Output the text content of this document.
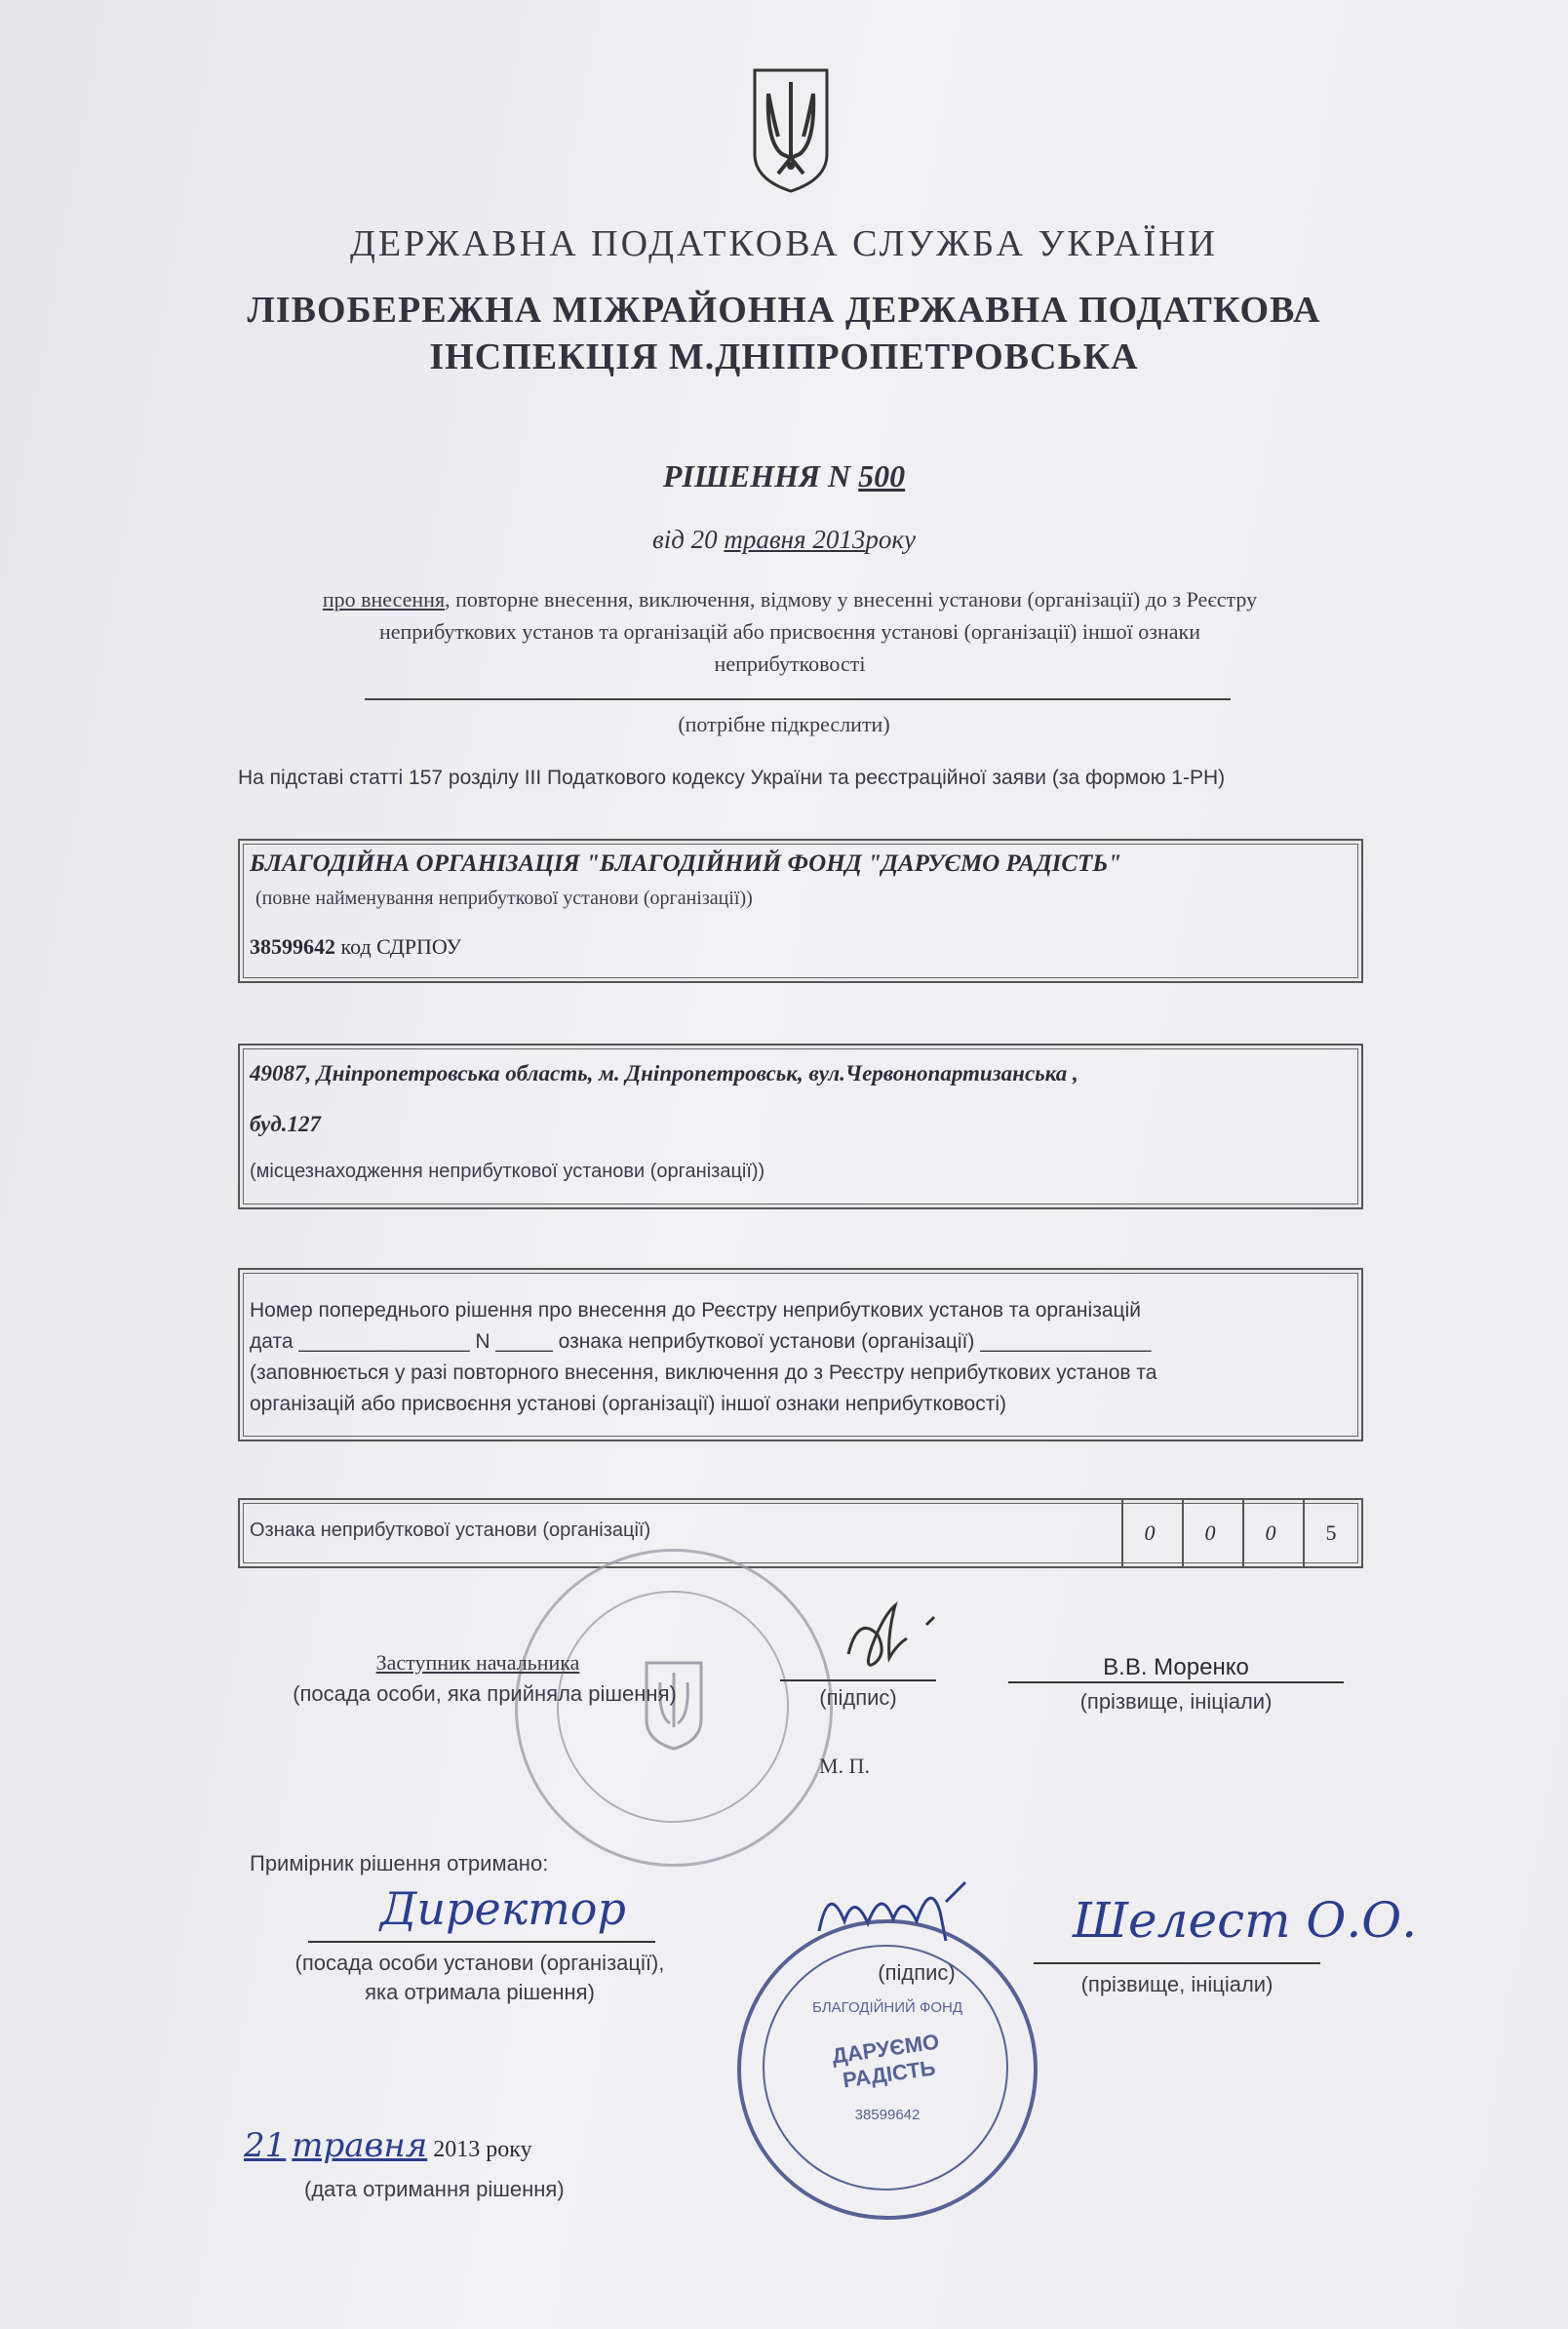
ДЕРЖАВНА ПОДАТКОВА СЛУЖБА УКРАЇНИ
ЛІВОБЕРЕЖНА МІЖРАЙОННА ДЕРЖАВНА ПОДАТКОВА
ІНСПЕКЦІЯ М.ДНІПРОПЕТРОВСЬКА
РІШЕННЯ N 500
від 20 травня 2013року
про внесення, повторне внесення, виключення, відмову у внесенні установи (організації) до з Реєстру неприбуткових установ та організацій або присвоєння установі (організації) іншої ознаки неприбутковості
(потрібне підкреслити)
На підставі статті 157 розділу III Податкового кодексу України та реєстраційної заяви (за формою 1-РН)
БЛАГОДІЙНА ОРГАНІЗАЦІЯ "БЛАГОДІЙНИЙ ФОНД "ДАРУЄМО РАДІСТЬ"
(повне найменування неприбуткової установи (організації))
38599642 код СДРПОУ
49087, Дніпропетровська область, м. Дніпропетровськ, вул.Червонопартизанська ,
буд.127
(місцезнаходження неприбуткової установи (організації))
Номер попереднього рішення про внесення до Реєстру неприбуткових установ та організацій
дата _______________ N _____ ознака неприбуткової установи (організації) _______________
(заповнюється у разі повторного внесення, виключення до з Реєстру неприбуткових установ та
організацій або присвоєння установі (організації) іншої ознаки неприбутковості)
Ознака неприбуткової установи (організації)	0	0	0	5
Заступник начальника
(посада особи, яка прийняла рішення)	(підпис)
В.В. Моренко
(прізвище, ініціали)
М. П.
Примірник рішення отримано:
Директор
(посада особи установи (організації),
яка отримала рішення)
(підпис)
Шелест О.О.
(прізвище, ініціали)
БЛАГОДІЙНИЙ ФОНД
ДАРУЄМО РАДІСТЬ
38599642
21 травня 2013 року
(дата отримання рішення)
